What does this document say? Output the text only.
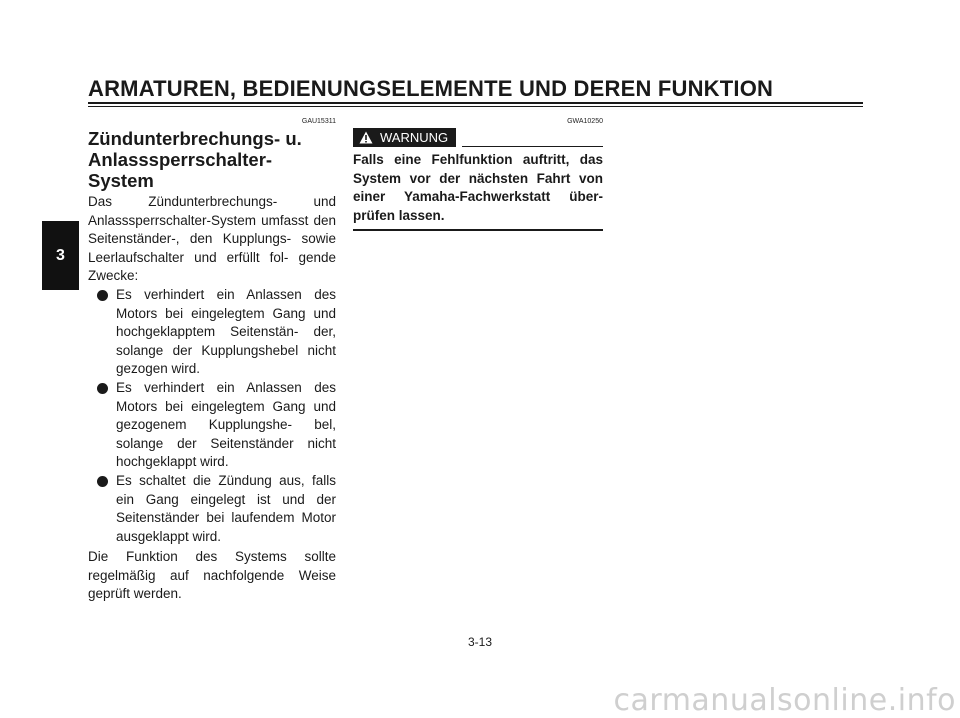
ARMATUREN, BEDIENUNGSELEMENTE UND DEREN FUNKTION
3
GAU15311
Zündunterbrechungs- u.
Anlasssperrschalter-System
Das Zündunterbrechungs- und Anlasssperrschalter-System umfasst den Seitenständer-, den Kupplungs- sowie Leerlaufschalter und erfüllt fol- gende Zwecke:
Es verhindert ein Anlassen des Motors bei eingelegtem Gang und hochgeklapptem Seitenstän- der, solange der Kupplungshebel nicht gezogen wird.
Es verhindert ein Anlassen des Motors bei eingelegtem Gang und gezogenem Kupplungshe- bel, solange der Seitenständer nicht hochgeklappt wird.
Es schaltet die Zündung aus, falls ein Gang eingelegt ist und der Seitenständer bei laufendem Motor ausgeklappt wird.
Die Funktion des Systems sollte regelmäßig auf nachfolgende Weise geprüft werden.
GWA10250
WARNUNG
Falls eine Fehlfunktion auftritt, das System vor der nächsten Fahrt von einer Yamaha-Fachwerkstatt über- prüfen lassen.
3-13
carmanualsonline.info
